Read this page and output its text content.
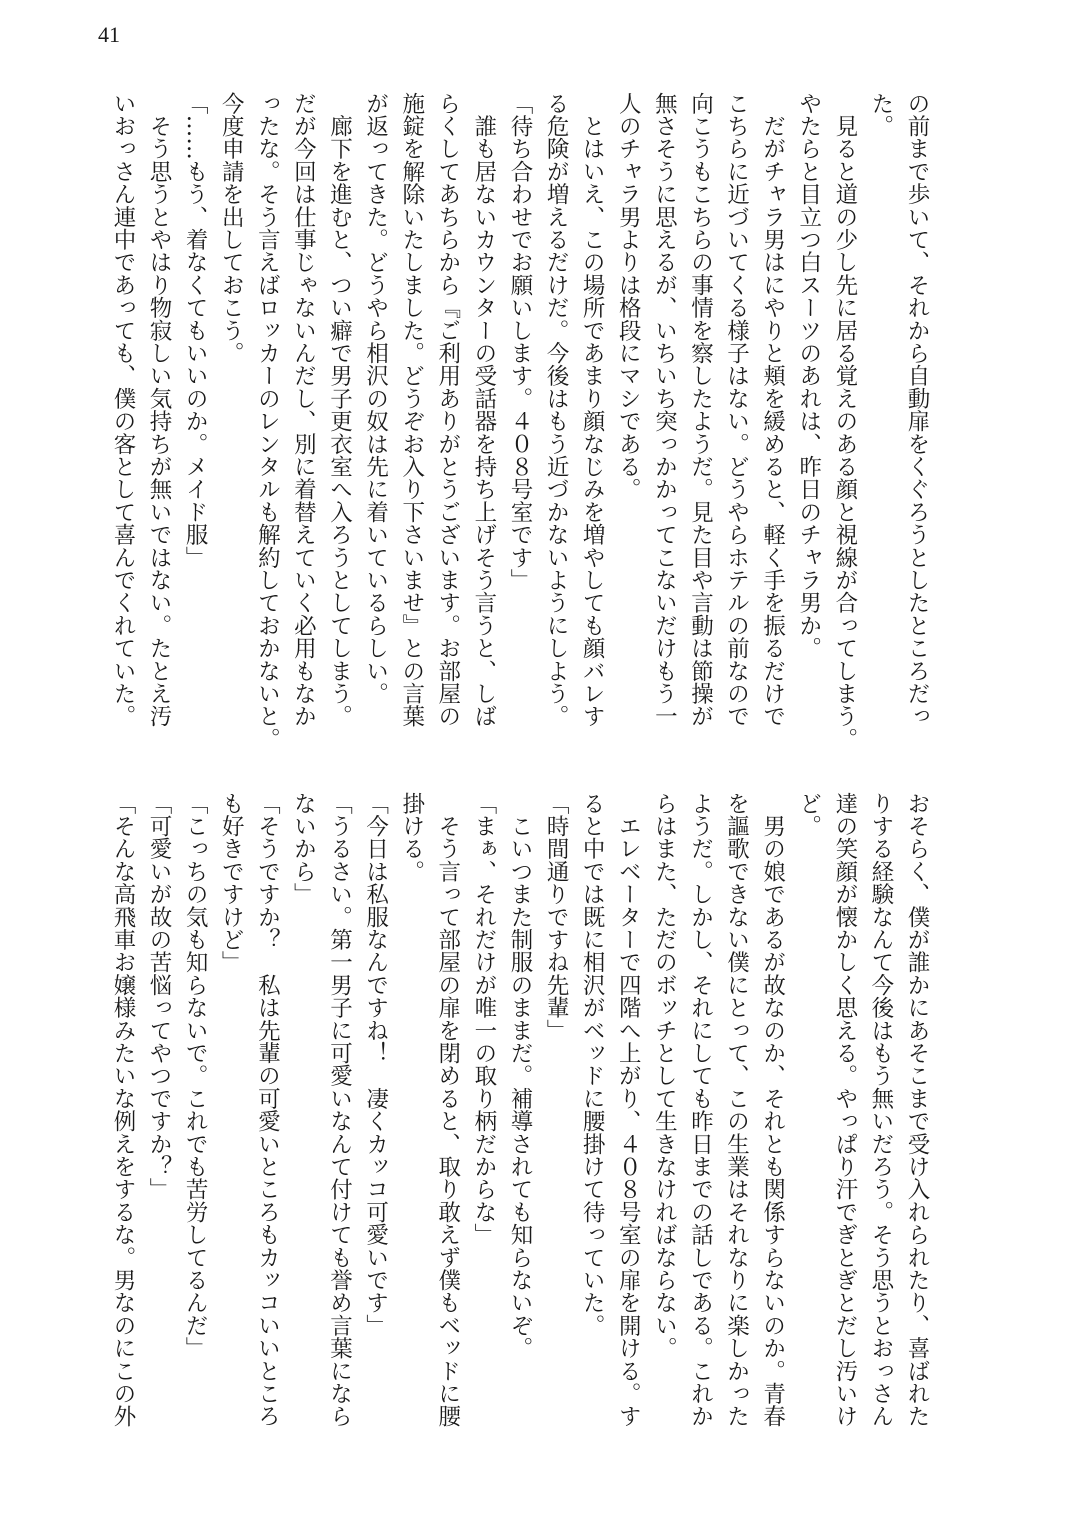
41
の前まで歩いて、それから自動扉をくぐろうとしたところだっ
た。
　見ると道の少し先に居る覚えのある顔と視線が合ってしまう。
やたらと目立つ白スーツのあれは、昨日のチャラ男か。
　だがチャラ男はにやりと頬を緩めると、軽く手を振るだけで
こちらに近づいてくる様子はない。どうやらホテルの前なので
向こうもこちらの事情を察したようだ。見た目や言動は節操が
無さそうに思えるが、いちいち突っかかってこないだけもう一
人のチャラ男よりは格段にマシである。
　とはいえ、この場所であまり顔なじみを増やしても顔バレす
る危険が増えるだけだ。今後はもう近づかないようにしよう。
「待ち合わせでお願いします。４０８号室です」
　誰も居ないカウンターの受話器を持ち上げそう言うと、しば
らくしてあちらから『ご利用ありがとうございます。お部屋の
施錠を解除いたしました。どうぞお入り下さいませ』との言葉
が返ってきた。どうやら相沢の奴は先に着いているらしい。
　廊下を進むと、つい癖で男子更衣室へ入ろうとしてしまう。
だが今回は仕事じゃないんだし、別に着替えていく必用もなか
ったな。そう言えばロッカーのレンタルも解約しておかないと。
今度申請を出しておこう。
「……もう、着なくてもいいのか。メイド服」
　そう思うとやはり物寂しい気持ちが無いではない。たとえ汚
いおっさん連中であっても、僕の客として喜んでくれていた。
おそらく、僕が誰かにあそこまで受け入れられたり、喜ばれた
りする経験なんて今後はもう無いだろう。そう思うとおっさん
達の笑顔が懐かしく思える。やっぱり汗でぎとぎとだし汚いけ
ど。
　男の娘であるが故なのか、それとも関係すらないのか。青春
を謳歌できない僕にとって、この生業はそれなりに楽しかった
ようだ。しかし、それにしても昨日までの話しである。これか
らはまた、ただのボッチとして生きなければならない。
　エレベーターで四階へ上がり、４０８号室の扉を開ける。す
ると中では既に相沢がベッドに腰掛けて待っていた。
「時間通りですね先輩」
　こいつまた制服のままだ。補導されても知らないぞ。
「まぁ、それだけが唯一の取り柄だからな」
　そう言って部屋の扉を閉めると、取り敢えず僕もベッドに腰
掛ける。
「今日は私服なんですね！　凄くカッコ可愛いです」
「うるさい。第一男子に可愛いなんて付けても誉め言葉になら
ないから」
「そうですか？　私は先輩の可愛いところもカッコいいところ
も好きですけど」
「こっちの気も知らないで。これでも苦労してるんだ」
「可愛いが故の苦悩ってやつですか？」
「そんな高飛車お嬢様みたいな例えをするな。男なのにこの外
